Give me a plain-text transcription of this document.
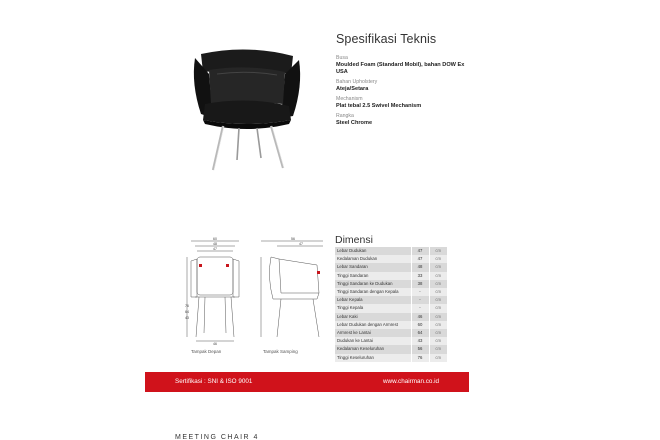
Spesifikasi Teknis
Busa
Moulded Foam (Standard Mobil), bahan DOW Ex USA
Bahan Upholstery
Ateja/Setara
Mechanism
Plat tebal 2.5 Swivel Mechanism
Rangka
Steel Chrome
60
48
47
76
64
43
46
56
47
Tampak Depan	Tampak Samping
Dimensi
Lebar Dudukan	47	cm
Kedalaman Dudukan	47	cm
Lebar Sandaran	48	cm
Tinggi Sandaran	33	cm
Tinggi Sandaran ke Dudukan	38	cm
Tinggi Sandaran dengan Kepala	-	cm
Lebar Kepala	-	cm
Tinggi Kepala	-	cm
Lebar Kaki	46	cm
Lebar Dudukan dengan Armrest	60	cm
Armrest ke Lantai	64	cm
Dudukan ke Lantai	43	cm
Kedalaman Keseluruhan	56	cm
Tinggi Keseluruhan	76	cm
Sertifikasi : SNI & ISO 9001	www.chairman.co.id
MEETING CHAIR 4
